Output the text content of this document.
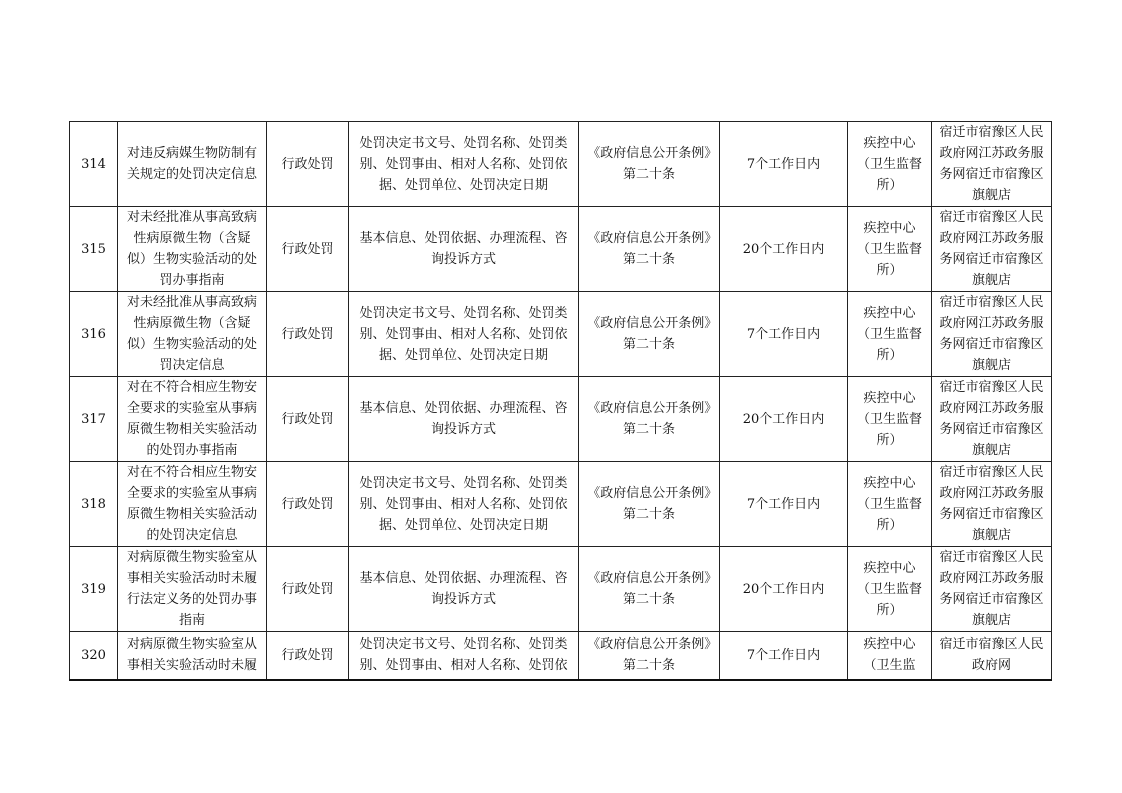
314	对违反病媒生物防制有关规定的处罚决定信息	行政处罚	处罚决定书文号、处罚名称、处罚类别、处罚事由、相对人名称、处罚依据、处罚单位、处罚决定日期	《政府信息公开条例》第二十条	7个工作日内	疾控中心（卫生监督所）	宿迁市宿豫区人民政府网江苏政务服务网宿迁市宿豫区旗舰店
315	对未经批准从事高致病性病原微生物（含疑似）生物实验活动的处罚办事指南	行政处罚	基本信息、处罚依据、办理流程、咨询投诉方式	《政府信息公开条例》第二十条	20个工作日内	疾控中心（卫生监督所）	宿迁市宿豫区人民政府网江苏政务服务网宿迁市宿豫区旗舰店
316	对未经批准从事高致病性病原微生物（含疑似）生物实验活动的处罚决定信息	行政处罚	处罚决定书文号、处罚名称、处罚类别、处罚事由、相对人名称、处罚依据、处罚单位、处罚决定日期	《政府信息公开条例》第二十条	7个工作日内	疾控中心（卫生监督所）	宿迁市宿豫区人民政府网江苏政务服务网宿迁市宿豫区旗舰店
317	对在不符合相应生物安全要求的实验室从事病原微生物相关实验活动的处罚办事指南	行政处罚	基本信息、处罚依据、办理流程、咨询投诉方式	《政府信息公开条例》第二十条	20个工作日内	疾控中心（卫生监督所）	宿迁市宿豫区人民政府网江苏政务服务网宿迁市宿豫区旗舰店
318	对在不符合相应生物安全要求的实验室从事病原微生物相关实验活动的处罚决定信息	行政处罚	处罚决定书文号、处罚名称、处罚类别、处罚事由、相对人名称、处罚依据、处罚单位、处罚决定日期	《政府信息公开条例》第二十条	7个工作日内	疾控中心（卫生监督所）	宿迁市宿豫区人民政府网江苏政务服务网宿迁市宿豫区旗舰店
319	对病原微生物实验室从事相关实验活动时未履行法定义务的处罚办事指南	行政处罚	基本信息、处罚依据、办理流程、咨询投诉方式	《政府信息公开条例》第二十条	20个工作日内	疾控中心（卫生监督所）	宿迁市宿豫区人民政府网江苏政务服务网宿迁市宿豫区旗舰店
320	对病原微生物实验室从事相关实验活动时未履	行政处罚	处罚决定书文号、处罚名称、处罚类别、处罚事由、相对人名称、处罚依	《政府信息公开条例》第二十条	7个工作日内	疾控中心（卫生监	宿迁市宿豫区人民政府网
